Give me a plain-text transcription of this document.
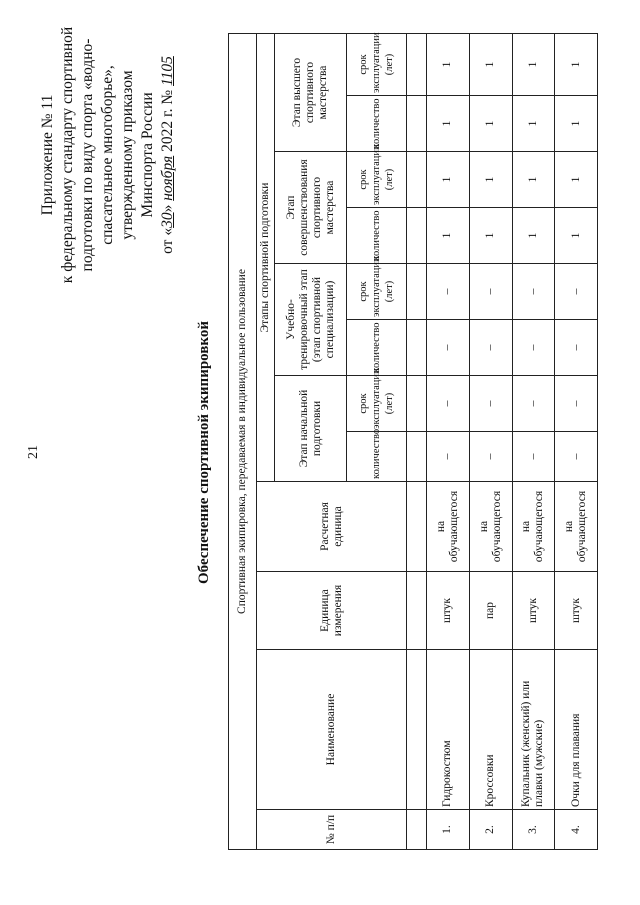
21
Приложение № 11 к федеральному стандарту спортивной подготовки по виду спорта «водно- спасательное многоборье», утвержденному приказом Минспорта России
от «30» ноября 2022 г. № 1105
Обеспечение спортивной экипировкой Спортивная экипировка, передаваемая в индивидуальное пользование											
№ п/п	Наименование	Единица измерения	Расчетная единица	Этапы спортивной подготовки							
				Этап начальной подготовки		Учебно-тренировочный этап (этап спортивной специализации)		Этап совершенствования спортивного мастерства		Этап высшего спортивного мастерства	
				количество	срок эксплуатации (лет)	количество	срок эксплуатации (лет)	количество	срок эксплуатации (лет)	количество	срок эксплуатации (лет)

1.	Гидрокостюм	штук	на обучающегося	–	–	–	–	1	1	1	1
2.	Кроссовки	пар	на обучающегося	–	–	–	–	1	1	1	1
3.	Купальник (женский) или плавки (мужские)	штук	на обучающегося	–	–	–	–	1	1	1	1
4.	Очки для плавания	штук	на обучающегося	–	–	–	–	1	1	1	1
